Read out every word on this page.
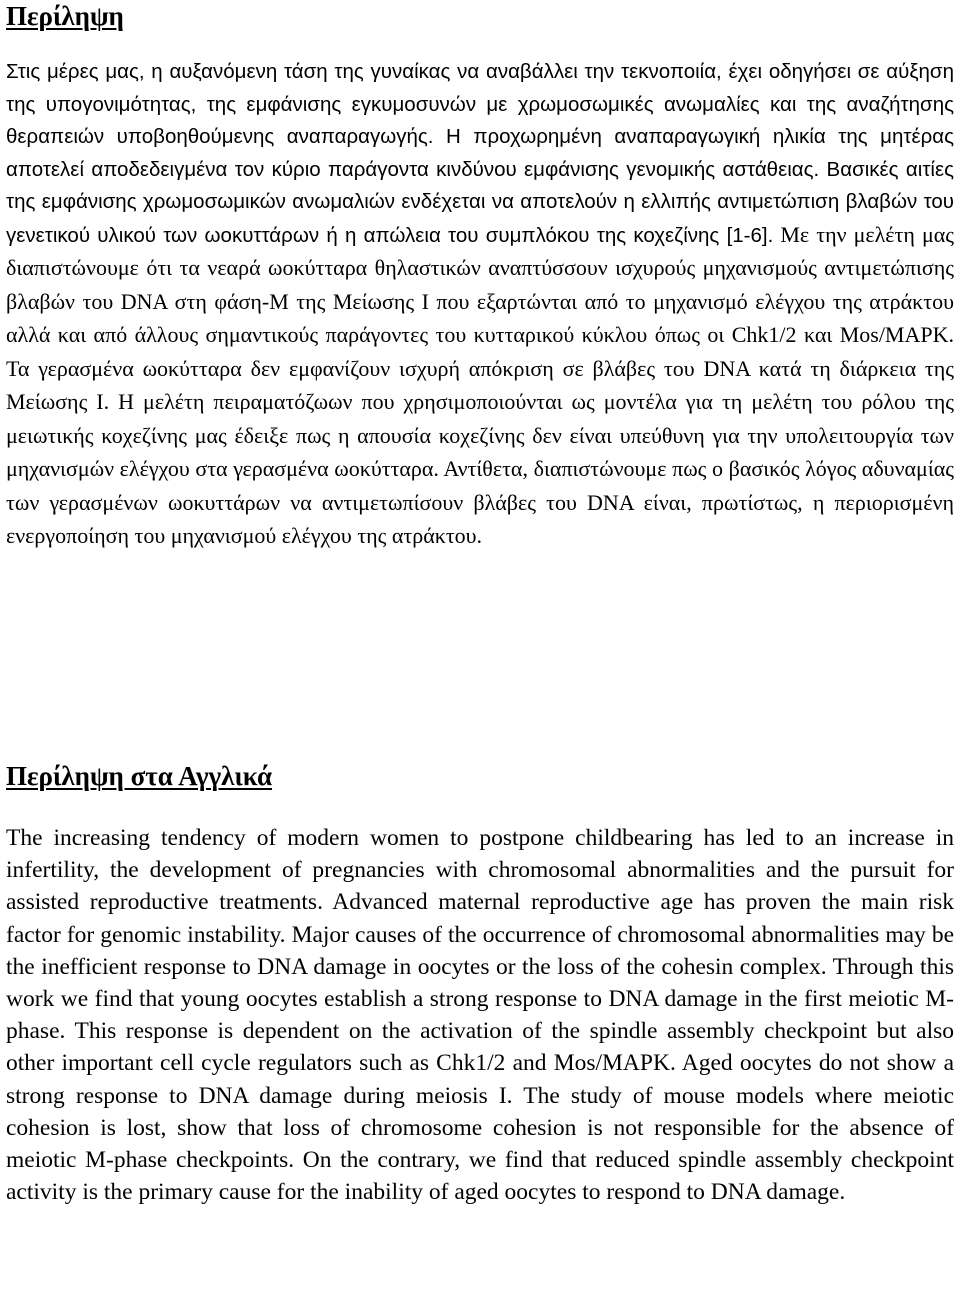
Περίληψη

Στις μέρες μας, η αυξανόμενη τάση της γυναίκας να αναβάλλει την τεκνοποιία, έχει οδηγήσει σε αύξηση της υπογονιμότητας, της εμφάνισης εγκυμοσυνών με χρωμοσωμικές ανωμαλίες και της αναζήτησης θεραπειών υποβοηθούμενης αναπαραγωγής. Η προχωρημένη αναπαραγωγική ηλικία της μητέρας αποτελεί αποδεδειγμένα τον κύριο παράγοντα κινδύνου εμφάνισης γενομικής αστάθειας. Βασικές αιτίες της εμφάνισης χρωμοσωμικών ανωμαλιών ενδέχεται να αποτελούν η ελλιπής αντιμετώπιση βλαβών του γενετικού υλικού των ωοκυττάρων ή η απώλεια του συμπλόκου της κοχεζίνης [1-6]. Με την μελέτη μας διαπιστώνουμε ότι τα νεαρά ωοκύτταρα θηλαστικών αναπτύσσουν ισχυρούς μηχανισμούς αντιμετώπισης βλαβών του DNA στη φάση-Μ της Μείωσης Ι που εξαρτώνται από το μηχανισμό ελέγχου της ατράκτου αλλά και από άλλους σημαντικούς παράγοντες του κυτταρικού κύκλου όπως οι Chk1/2 και Mos/MAPK. Τα γερασμένα ωοκύτταρα δεν εμφανίζουν ισχυρή απόκριση σε βλάβες του DNA κατά τη διάρκεια της Μείωσης Ι. Η μελέτη πειραματόζωων που χρησιμοποιούνται ως μοντέλα για τη μελέτη του ρόλου της μειωτικής κοχεζίνης μας έδειξε πως η απουσία κοχεζίνης δεν είναι υπεύθυνη για την υπολειτουργία των μηχανισμών ελέγχου στα γερασμένα ωοκύτταρα. Αντίθετα, διαπιστώνουμε πως ο βασικός λόγος αδυναμίας των γερασμένων ωοκυττάρων να αντιμετωπίσουν βλάβες του DNA είναι, πρωτίστως, η περιορισμένη ενεργοποίηση του μηχανισμού ελέγχου της ατράκτου.

Περίληψη στα Αγγλικά

The increasing tendency of modern women to postpone childbearing has led to an increase in infertility, the development of pregnancies with chromosomal abnormalities and the pursuit for assisted reproductive treatments. Advanced maternal reproductive age has proven the main risk factor for genomic instability. Major causes of the occurrence of chromosomal abnormalities may be the inefficient response to DNA damage in oocytes or the loss of the cohesin complex. Through this work we find that young oocytes establish a strong response to DNA damage in the first meiotic M-phase. This response is dependent on the activation of the spindle assembly checkpoint but also other important cell cycle regulators such as Chk1/2 and Mos/MAPK. Aged oocytes do not show a strong response to DNA damage during meiosis I. The study of mouse models where meiotic cohesion is lost, show that loss of chromosome cohesion is not responsible for the absence of meiotic M-phase checkpoints. On the contrary, we find that reduced spindle assembly checkpoint activity is the primary cause for the inability of aged oocytes to respond to DNA damage.
